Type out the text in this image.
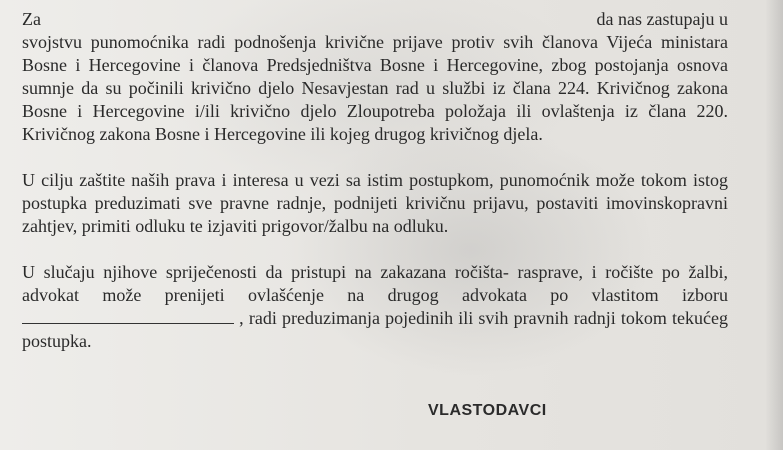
Za	da nas zastupaju u
svojstvu punomoćnika radi podnošenja krivične prijave protiv svih članova Vijeća ministara Bosne i Hercegovine i članova Predsjedništva Bosne i Hercegovine, zbog postojanja osnova sumnje da su počinili krivično djelo Nesavjestan rad u službi iz člana 224. Krivičnog zakona Bosne i Hercegovine i/ili krivično djelo Zloupotreba položaja ili ovlaštenja iz člana 220. Krivičnog zakona Bosne i Hercegovine ili kojeg drugog krivičnog djela.
U cilju zaštite naših prava i interesa u vezi sa istim postupkom, punomoćnik može tokom istog postupka preduzimati sve pravne radnje, podnijeti krivičnu prijavu, postaviti imovinskopravni zahtjev, primiti odluku te izjaviti prigovor/žalbu na odluku.
U slučaju njihove spriječenosti da pristupi na zakazana ročišta- rasprave, i ročište po žalbi, advokat može prenijeti ovlašćenje na drugog advokata po vlastitom izboru  , radi preduzimanja pojedinih ili svih pravnih radnji tokom tekućeg postupka.
VLASTODAVCI
